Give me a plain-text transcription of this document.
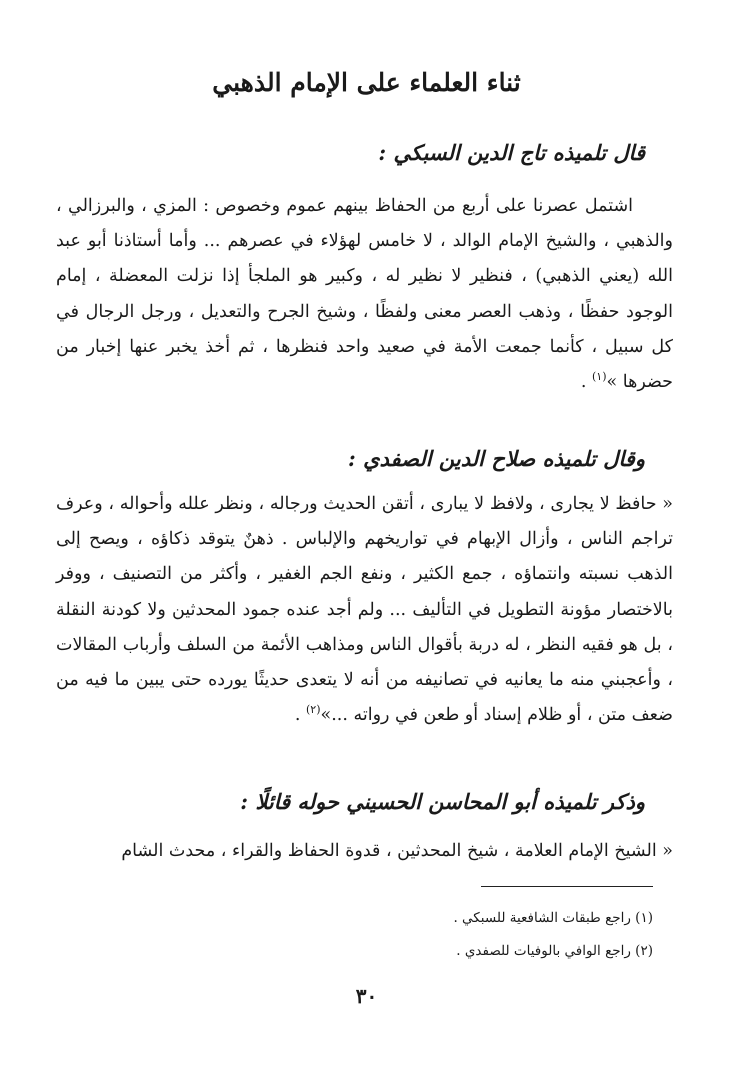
ثناء العلماء على الإمام الذهبي
قال تلميذه تاج الدين السبكي :

اشتمل عصرنا على أربع من الحفاظ بينهم عموم وخصوص : المزي ، والبرزالي ، والذهبي ، والشيخ الإمام الوالد ، لا خامس لهؤلاء في عصرهم ... وأما أستاذنا أبو عبد الله (يعني الذهبي) ، فنظير لا نظير له ، وكبير هو الملجأ إذا نزلت المعضلة ، إمام الوجود حفظًا ، وذهب العصر معنى ولفظًا ، وشيخ الجرح والتعديل ، ورجل الرجال في كل سبيل ، كأنما جمعت الأمة في صعيد واحد فنظرها ، ثم أخذ يخبر عنها إخبار من حضرها »$^{(١)}$ .

وقال تلميذه صلاح الدين الصفدي :

« حافظ لا يجارى ، ولافظ لا يبارى ، أتقن الحديث ورجاله ، ونظر علله وأحواله ، وعرف تراجم الناس ، وأزال الإبهام في تواريخهم والإلباس . ذهنٌ يتوقد ذكاؤه ، ويصح إلى الذهب نسبته وانتماؤه ، جمع الكثير ، ونفع الجم الغفير ، وأكثر من التصنيف ، ووفر بالاختصار مؤونة التطويل في التأليف ... ولم أجد عنده جمود المحدثين ولا كودنة النقلة ، بل هو فقيه النظر ، له دربة بأقوال الناس ومذاهب الأئمة من السلف وأرباب المقالات ، وأعجبني منه ما يعانيه في تصانيفه من أنه لا يتعدى حديثًا يورده حتى يبين ما فيه من ضعف متن ، أو ظلام إسناد أو طعن في رواته ...»$^{(٢)}$ .

وذكر تلميذه أبو المحاسن الحسيني حوله قائلًا :

« الشيخ الإمام العلامة ، شيخ المحدثين ، قدوة الحفاظ والقراء ، محدث الشام

(١) راجع طبقات الشافعية للسبكي .
(٢) راجع الوافي بالوفيات للصفدي .
٣٠
